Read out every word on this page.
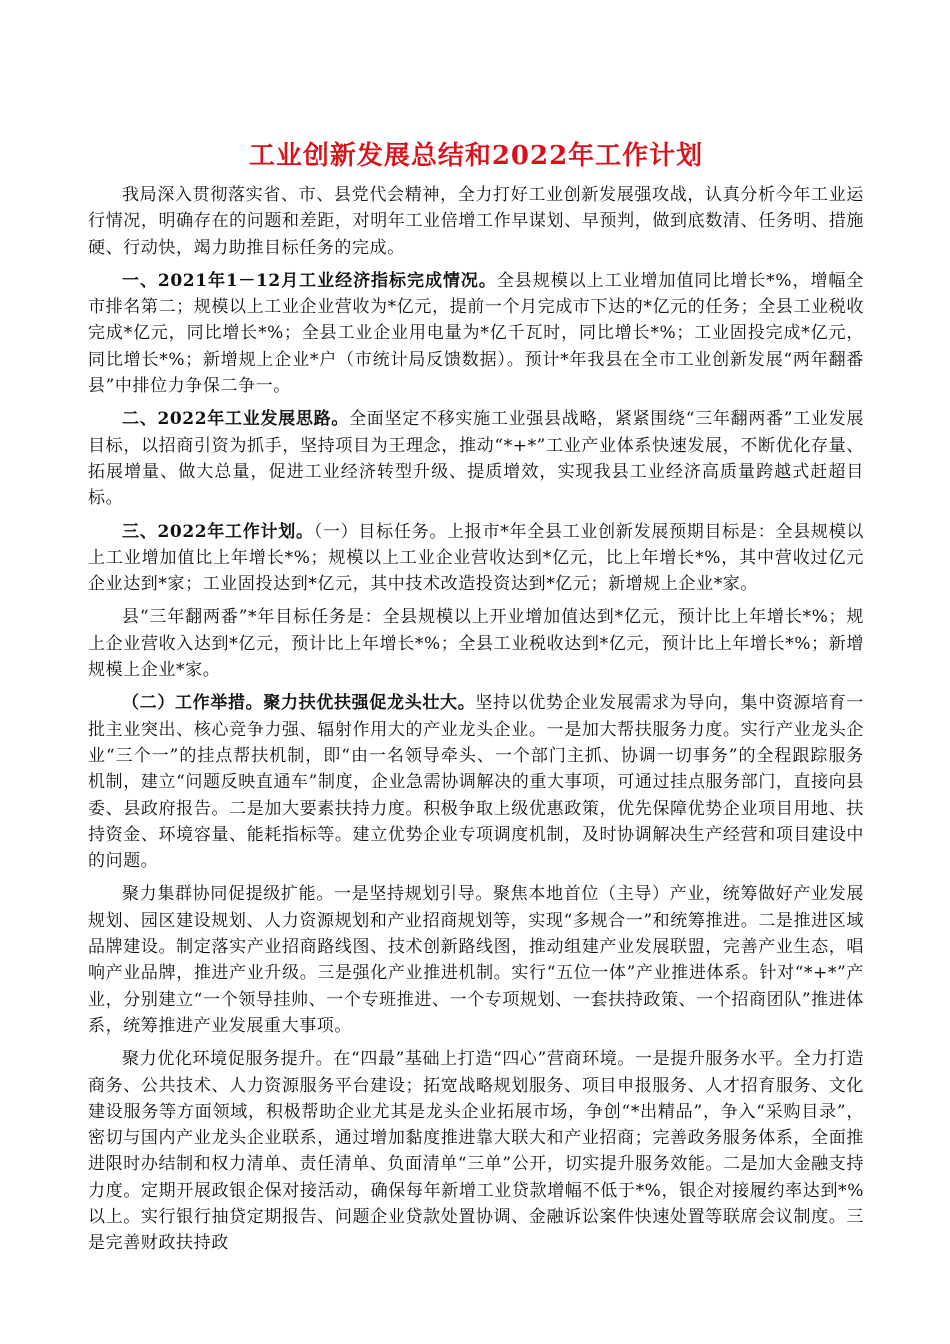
工业创新发展总结和2022年工作计划

我局深入贯彻落实省、市、县党代会精神，全力打好工业创新发展强攻战，认真分析今年工业运行情况，明确存在的问题和差距，对明年工业倍增工作早谋划、早预判，做到底数清、任务明、措施硬、行动快，竭力助推目标任务的完成。

一、2021年1－12月工业经济指标完成情况。全县规模以上工业增加值同比增长*%，增幅全市排名第二；规模以上工业企业营收为*亿元，提前一个月完成市下达的*亿元的任务；全县工业税收完成*亿元，同比增长*%；全县工业企业用电量为*亿千瓦时，同比增长*%；工业固投完成*亿元，同比增长*%；新增规上企业*户（市统计局反馈数据）。预计*年我县在全市工业创新发展“两年翻番县”中排位力争保二争一。

二、2022年工业发展思路。全面坚定不移实施工业强县战略，紧紧围绕“三年翻两番”工业发展目标，以招商引资为抓手，坚持项目为王理念，推动“*+*”工业产业体系快速发展，不断优化存量、拓展增量、做大总量，促进工业经济转型升级、提质增效，实现我县工业经济高质量跨越式赶超目标。

三、2022年工作计划。（一）目标任务。上报市*年全县工业创新发展预期目标是：全县规模以上工业增加值比上年增长*%；规模以上工业企业营收达到*亿元，比上年增长*%，其中营收过亿元企业达到*家；工业固投达到*亿元，其中技术改造投资达到*亿元；新增规上企业*家。

县“三年翻两番”*年目标任务是：全县规模以上开业增加值达到*亿元，预计比上年增长*%；规上企业营收入达到*亿元，预计比上年增长*%；全县工业税收达到*亿元，预计比上年增长*%；新增规模上企业*家。

（二）工作举措。聚力扶优扶强促龙头壮大。坚持以优势企业发展需求为导向，集中资源培育一批主业突出、核心竞争力强、辐射作用大的产业龙头企业。一是加大帮扶服务力度。实行产业龙头企业“三个一”的挂点帮扶机制，即“由一名领导牵头、一个部门主抓、协调一切事务”的全程跟踪服务机制，建立“问题反映直通车”制度，企业急需协调解决的重大事项，可通过挂点服务部门，直接向县委、县政府报告。二是加大要素扶持力度。积极争取上级优惠政策，优先保障优势企业项目用地、扶持资金、环境容量、能耗指标等。建立优势企业专项调度机制，及时协调解决生产经营和项目建设中的问题。

聚力集群协同促提级扩能。一是坚持规划引导。聚焦本地首位（主导）产业，统筹做好产业发展规划、园区建设规划、人力资源规划和产业招商规划等，实现“多规合一”和统筹推进。二是推进区域品牌建设。制定落实产业招商路线图、技术创新路线图，推动组建产业发展联盟，完善产业生态，唱响产业品牌，推进产业升级。三是强化产业推进机制。实行“五位一体”产业推进体系。针对“*+*”产业，分别建立“一个领导挂帅、一个专班推进、一个专项规划、一套扶持政策、一个招商团队”推进体系，统筹推进产业发展重大事项。

聚力优化环境促服务提升。在“四最”基础上打造“四心”营商环境。一是提升服务水平。全力打造商务、公共技术、人力资源服务平台建设；拓宽战略规划服务、项目申报服务、人才招育服务、文化建设服务等方面领域，积极帮助企业尤其是龙头企业拓展市场，争创“*出精品”，争入“采购目录”，密切与国内产业龙头企业联系，通过增加黏度推进靠大联大和产业招商；完善政务服务体系，全面推进限时办结制和权力清单、责任清单、负面清单“三单”公开，切实提升服务效能。二是加大金融支持力度。定期开展政银企保对接活动，确保每年新增工业贷款增幅不低于*%，银企对接履约率达到*%以上。实行银行抽贷定期报告、问题企业贷款处置协调、金融诉讼案件快速处置等联席会议制度。三是完善财政扶持政
